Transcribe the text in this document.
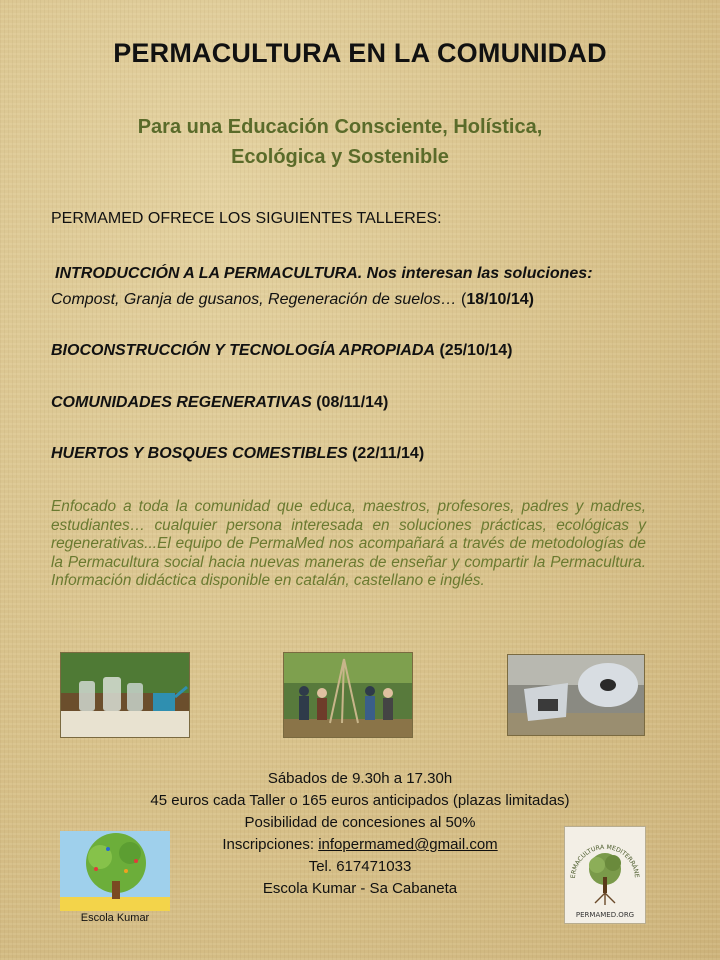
PERMACULTURA EN LA COMUNIDAD
Para una Educación Consciente, Holística,
Ecológica y Sostenible
PERMAMED OFRECE LOS SIGUIENTES TALLERES:
INTRODUCCIÓN A LA PERMACULTURA. Nos interesan las soluciones:
Compost, Granja de gusanos, Regeneración de suelos… (18/10/14)
BIOCONSTRUCCIÓN Y TECNOLOGÍA APROPIADA (25/10/14)
COMUNIDADES REGENERATIVAS (08/11/14)
HUERTOS Y BOSQUES COMESTIBLES (22/11/14)
Enfocado a toda la comunidad que educa, maestros, profesores, padres y madres, estudiantes… cualquier persona interesada en soluciones prácticas, ecológicas y regenerativas...El equipo de PermaMed nos acompañará a través de metodologías de la Permacultura social hacia nuevas maneras de enseñar y compartir la Permacultura. Información didáctica disponible en catalán, castellano e inglés.
Sábados de 9.30h a 17.30h
45 euros cada Taller o 165 euros anticipados (plazas limitadas)
Posibilidad de concesiones al 50%
Inscripciones: infopermamed@gmail.com
Tel. 617471033
Escola Kumar - Sa Cabaneta
Escola Kumar
ERMACULTURA MEDITERRÁNE
PERMAMED.ORG
